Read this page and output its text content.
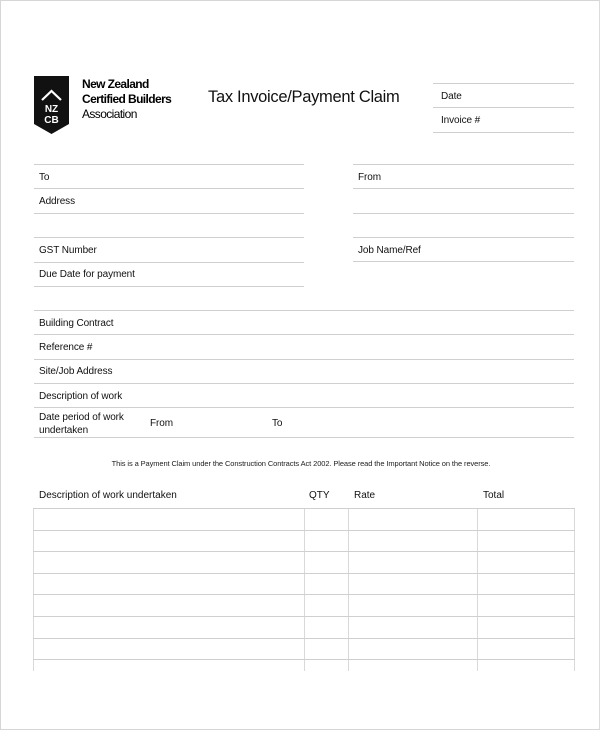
NZ
CB
New Zealand
Certified Builders
Association
Tax Invoice/Payment Claim	Date
Invoice #
To
Address
GST Number
Due Date for payment
From
Job Name/Ref
Building Contract
Reference #
Site/Job Address
Description of work
Date period of work
undertaken
From	To
This is a Payment Claim under the Construction Contracts Act 2002. Please read the Important Notice on the reverse.
Description of work undertaken	QTY Rate	Total
